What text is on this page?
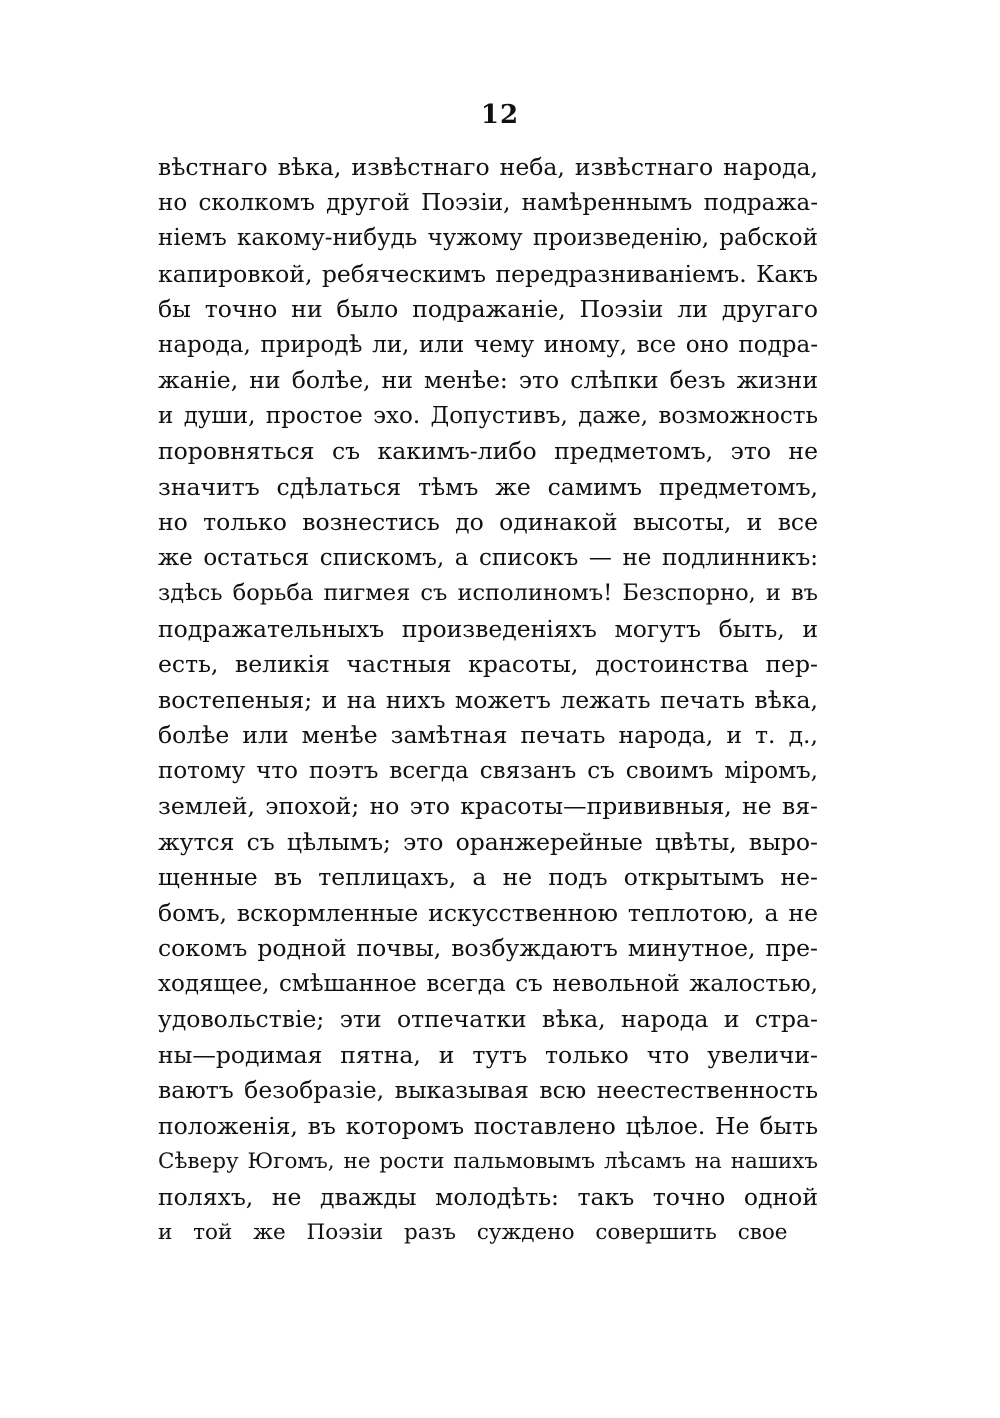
12
вѣстнаго вѣка, извѣстнаго неба, извѣстнаго народа,
но сколкомъ другой Поэзіи, намѣреннымъ подража-
ніемъ какому-нибудь чужому произведенію, рабской
капировкой, ребяческимъ передразниваніемъ. Какъ
бы точно ни было подражаніе, Поэзіи ли другаго
народа, природѣ ли, или чему иному, все оно подра-
жаніе, ни болѣе, ни менѣе: это слѣпки безъ жизни
и души, простое эхо. Допуcтивъ, даже, возможность
поровняться съ какимъ-либо предметомъ, это не
значитъ сдѣлаться тѣмъ же самимъ предметомъ,
но только вознестись до одинакой высоты, и все
же остаться спискомъ, а списокъ — не подлинникъ:
здѣсь борьба пигмея съ исполиномъ! Безспорно, и въ
подражательныхъ произведеніяхъ могутъ быть, и
есть, великія частныя красоты, достоинства пер-
востепеныя; и на нихъ можетъ лежать печать вѣка,
болѣе или менѣе замѣтная печать народа, и т. д.,
потому что поэтъ всегда связанъ съ своимъ міромъ,
землей, эпохой; но это красоты—прививныя, не вя-
жутся съ цѣлымъ; это оранжерейные цвѣты, выро-
щенные въ теплицахъ, а не подъ открытымъ не-
бомъ, вскормленные искусственною теплотою, а не
сокомъ родной почвы, возбуждаютъ минутное, пре-
ходящее, смѣшанное всегда съ невольной жалостью,
удовольствіе; эти отпечатки вѣка, народа и стра-
ны—родимая пятна, и тутъ только что увеличи-
ваютъ безобразіе, выказывая всю неестественность
положенія, въ которомъ поставлено цѣлое. Не быть
Сѣверу Югомъ, не рости пальмовымъ лѣсамъ на нашихъ
поляхъ, не дважды молодѣть: такъ точно одной
и той же Поэзіи разъ суждено совершить свое
